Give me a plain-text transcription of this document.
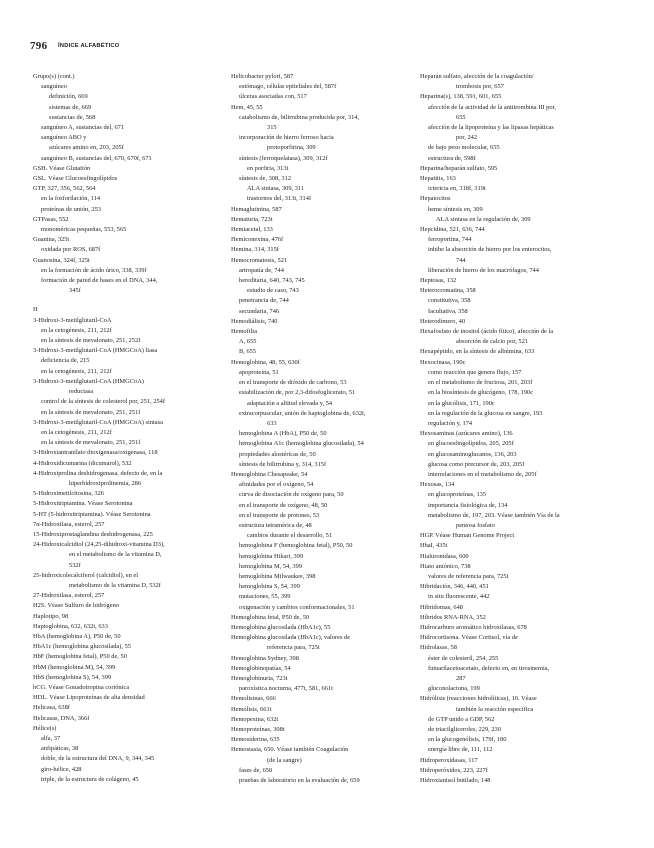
796 ÍNDICE ALFABÉTICO
Grupo(s) (cont.)
sanguíneo
definición, 669
sistemas de, 669
sustancias de, 568
sanguíneo A, sustancias del, 671
sanguíneo ABO y
azúcares amino en, 203, 205f
sanguíneo B, sustancias del, 670, 670f, 671
GSH. Véase Glutatión
GSL. Véase Glucoesfingolípidos
GTP, 327, 356, 562, 564
en la fosforilación, 114
proteínas de unión, 253
GTPasas, 552
monoméricas pequeñas, 553, 565
Guanina, 325t
oxidada por ROS, 687f
Guanosina, 324f, 325t
en la formación de ácido úrico, 338, 339f
formación de pared de bases en el DNA, 344,
345f
H
3-Hidroxi-3-metilglutaril-CoA
en la cetogénesis, 211, 212f
en la síntesis de mevalonato, 251, 252f
3-Hidroxi-3-metilglutaril-CoA (HMGCoA) liasa
deficiencia de, 215
en la cetogénesis, 211, 212f
3-Hidroxi-3-metilglutaril-CoA (HMGCoA)
reductasa
control de la síntesis de colesterol por, 251, 254f
en la síntesis de mevalonato, 251, 251f
3-Hidroxi-3-metilglutaril-CoA (HMGCoA) sintasa
en la cetogénesis, 211, 212f
en la síntesis de mevalonato, 251, 251f
3-Hidroxiantranilato dioxigenasa/oxigenasa, 118
4-Hidroxidicumarina (dicumarol), 532
4-Hidroxiprolina deshidrogenasa, defecto de, en la
hiperhidroxiprolinemia, 286
5-Hidroximetilcitosina, 326
5-Hidroxitriptamina. Véase Serotonina
5-HT (5-hidroxitriptamina). Véase Serotonina
7α-Hidroxilasa, esterol, 257
15-Hidroxiprostaglandina deshidrogenasa, 225
24-Hidroxicalcidiol (24,25-dihidroxi-vitamina D3),
en el metabolismo de la vitamina D,
532f
25-hidroxicolecalciferol (calcidiol), en el
metabolismo de la vitamina D, 532f
27-Hidroxilasa, esterol, 257
H2S. Véase Sulfuro de hidrógeno
Haplotipo, 98
Haptoglobina, 632, 632t, 633
HbA (hemoglobina A), P50 de, 50
HbA1c (hemoglobina glucosilada), 55
HbF (hemoglobina fetal), P50 de, 50
HbM (hemoglobina M), 54, 399
HbS (hemoglobina S), 54, 399
hCG. Véase Gonadotropina coriónica
HDL. Véase Lipoproteínas de alta densidad
Helicasa, 638f
Helicasas, DNA, 366f
Hélice(s)
alfa, 37
anfipáticas, 38
doble, de la estructura del DNA, 9, 344, 345
giro-hélice, 428
triple, de la estructura de colágeno, 45
Helicobacter pylori, 587
estómago, células epiteliales del, 587f
úlceras asociadas con, 517
Hem, 45, 55
catabolismo de, bilirrubina producida por, 314,
315
incorporación de hierro ferroso hacia
protoporfirina, 309
síntesis (ferroquelatasa), 309, 312f
en porfiria, 313t
síntesis de, 308, 312
ALA sintasa, 309, 311
trastornos del, 313t, 314f
Hemaglutinina, 587
Hematuria, 723t
Hemiacetal, 133
Hemiconexina, 476f
Hemina, 314, 315f
Hemocromatosis, 521
artropatía de, 744
hereditaria, 640, 743, 745
estudio de caso, 743
penetrancia de, 744
secundaria, 746
Hemodiálisis, 740
Hemofilia
A, 655
B, 655
Hemoglobina, 48, 55, 630f
apoproteína, 51
en el transporte de dióxido de carbono, 53
estabilización de, por 2,3-difosfoglicerato, 51
adaptación a altitud elevada y, 54
extracorpuscular, unión de haptoglobina de, 632t,
633
hemoglobina A (HbA), P50 de, 50
hemoglobina A1c (hemoglobina glucosilada), 54
propiedades alostéricas de, 50
síntesis de bilirrubina y, 314, 315f
Hemoglobina Chesapeake, 54
afinidades por el oxígeno, 54
curva de disociación de oxígeno para, 50
en el transporte de oxígeno, 48, 50
en el transporte de protones, 53
estructura tetramérica de, 48
cambios durante el desarrollo, 51
hemoglobina F (hemoglobina fetal), P50, 50
hemoglobina Hikari, 399
hemoglobina M, 54, 399
hemoglobina Milwaukee, 398
hemoglobina S, 54, 399
mutaciones, 55, 399
oxigenación y cambios conformacionales, 51
Hemoglobina fetal, P50 de, 50
Hemoglobina glucosilada (HbA1c), 55
Hemoglobina glucosilada (HbA1c), valores de
referencia para, 725t
Hemoglobina Sydney, 398
Hemoglobinopatías, 54
Hemoglobinuria, 723t
paroxística nocturna, 477t, 581, 661t
Hemolisinas, 666
Hemólisis, 661t
Hemopexina, 632t
Hemoproteínas, 308t
Hemosiderina, 635
Hemostasia, 650. Véase también Coagulación
(de la sangre)
fases de, 650
pruebas de laboratorio en la evaluación de, 659
Heparán sulfato, afección de la coagulación/
trombosis por, 657
Heparina(s), 138, 591, 601, 655
afección de la actividad de la antitrombina III por,
655
afección de la lipoproteína y las lipasas hepáticas
por, 242
de bajo peso molecular, 655
estructura de, 598f
Heparina/heparán sulfato, 595
Hepatitis, 163
ictericia en, 318f, 319t
Hepatocitos
heme síntesis en, 309
ALA sintasa en la regulación de, 309
Hepcidina, 521, 636, 744
ferroportina, 744
inhibe la absorción de hierro por los enterocitos,
744
liberación de hierro de los macrófagos, 744
Heptosas, 132
Heterocromatina, 358
constitutiva, 358
facultativa, 358
Heterodímero, 40
Hexafosfato de inositol (ácido fítico), afección de la
absorción de calcio por, 521
Hexapéptido, en la síntesis de albúmina, 633
Hexocinasa, 190c
como reacción que genera flujo, 157
en el metabolismo de fructosa, 201, 203f
en la biosíntesis de glucógeno, 178, 190c
en la glucólisis, 171, 190c
en la regulación de la glucosa en sangre, 193
regulación y, 174
Hexosaminas (azúcares amino), 136
en glucoesfingolípidos, 205, 205f
en glucosaminoglucanos, 136, 203
glucosa como precursor de, 203, 205f
interrelaciones en el metabolismo de, 205f
Hexosas, 134
en glucoproteínas, 135
importancia fisiológica de, 134
metabolismo de, 197, 203. Véase también Vía de la
pentosa fosfato
HGP. Véase Human Genome Project
HhaI, 435t
Hialuronidasa, 600
Hiato aniónico, 738
valores de referencia para, 725t
Hibridación, 346, 440, 451
in situ fluorescente, 442
Hibridomas, 648
Híbridos RNA-RNA, 352
Hidrocarburo aromático hidroxilasas, 678
Hidrocortisona. Véase Cortisol, vía de
Hidrolasas, 58
éster de colesteril, 254, 255
fumarilacetoacetato, defecto en, en tirosinemia,
287
gluconolactona, 199
Hidrólisis (reacciones hidrolíticas), 10. Véase
también la reacción específica
de GTP unido a GDP, 562
de triacilgliceroles, 229, 230
en la glucogenólisis, 179f, 180
energía libre de, 111, 112
Hidroperoxidasas, 117
Hidroperóxidos, 223, 227f
Hidroxianisol butilado, 148
